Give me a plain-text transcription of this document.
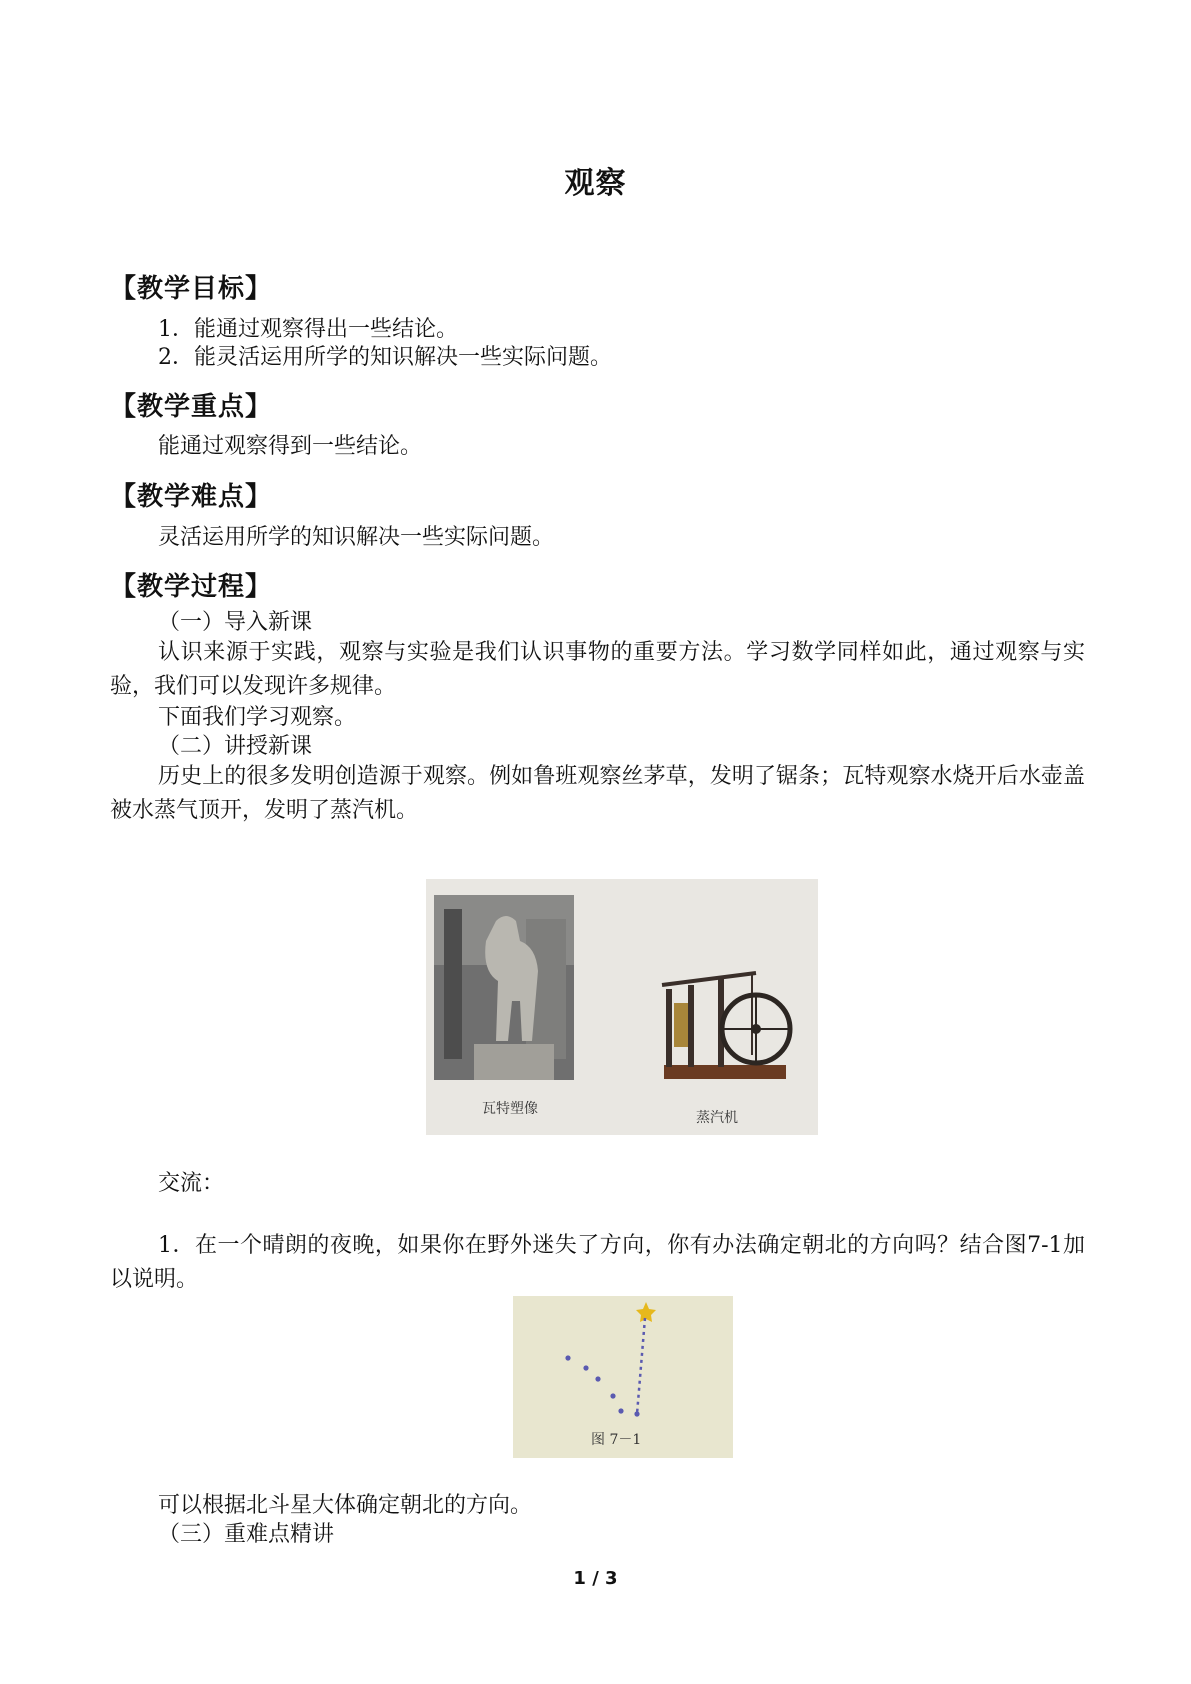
观察
【教学目标】
1．能通过观察得出一些结论。
2．能灵活运用所学的知识解决一些实际问题。
【教学重点】
能通过观察得到一些结论。
【教学难点】
灵活运用所学的知识解决一些实际问题。
【教学过程】
（一）导入新课
认识来源于实践，观察与实验是我们认识事物的重要方法。学习数学同样如此，通过观察与实验，我们可以发现许多规律。
下面我们学习观察。
（二）讲授新课
历史上的很多发明创造源于观察。例如鲁班观察丝茅草，发明了锯条；瓦特观察水烧开后水壶盖被水蒸气顶开，发明了蒸汽机。
瓦特塑像
蒸汽机
交流：
1．在一个晴朗的夜晚，如果你在野外迷失了方向，你有办法确定朝北的方向吗？结合图7-1加以说明。
图 7－1
可以根据北斗星大体确定朝北的方向。
（三）重难点精讲
1 / 3
